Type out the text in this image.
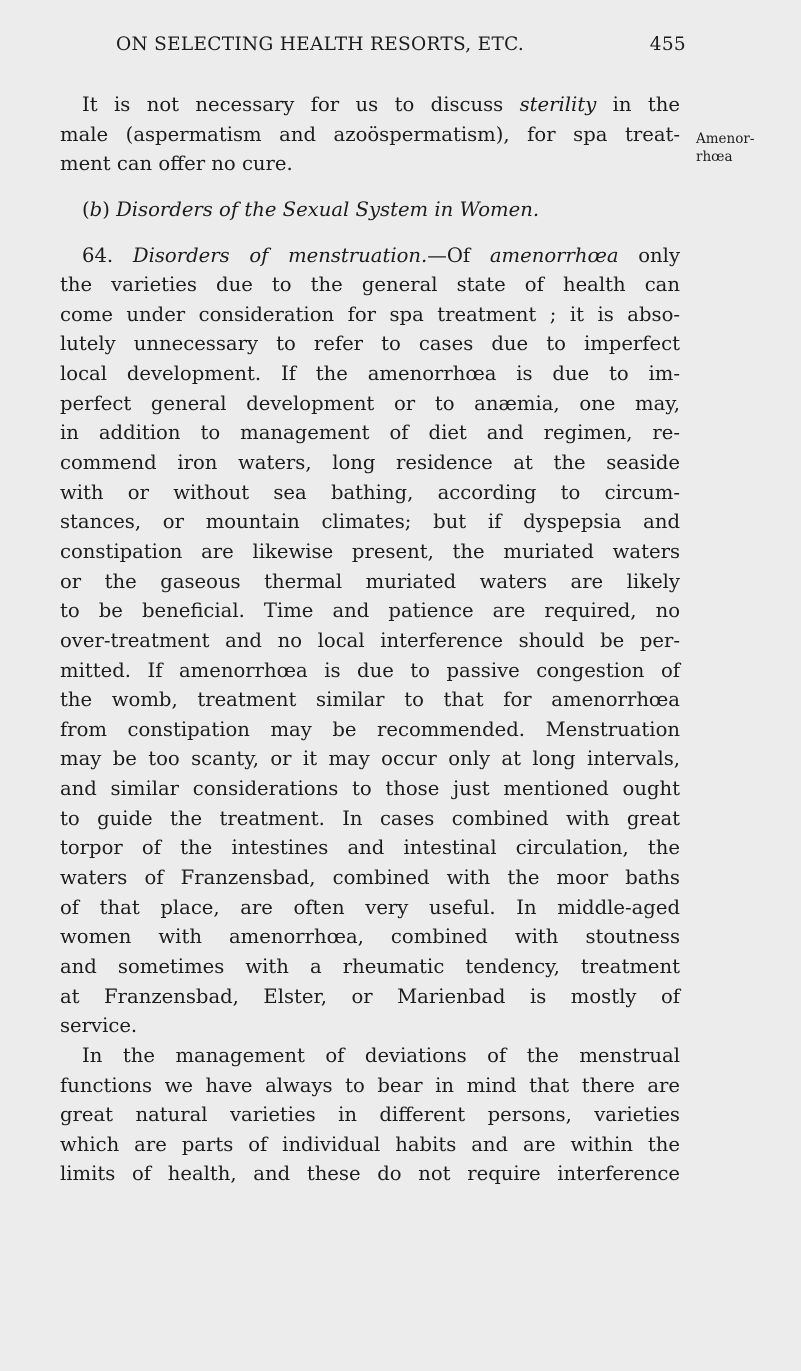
ON SELECTING HEALTH RESORTS, ETC.	455
Amenor-
rhœa
It is not necessary for us to discuss sterility in the
male (aspermatism and azoöspermatism), for spa treat-
ment can offer no cure.
(b) Disorders of the Sexual System in Women.
64. Disorders of menstruation.—Of amenorrhœa only
the varieties due to the general state of health can
come under consideration for spa treatment ; it is abso-
lutely unnecessary to refer to cases due to imperfect
local development. If the amenorrhœa is due to im-
perfect general development or to anæmia, one may,
in addition to management of diet and regimen, re-
commend iron waters, long residence at the seaside
with or without sea bathing, according to circum-
stances, or mountain climates; but if dyspepsia and
constipation are likewise present, the muriated waters
or the gaseous thermal muriated waters are likely
to be beneficial. Time and patience are required, no
over-treatment and no local interference should be per-
mitted. If amenorrhœa is due to passive congestion of
the womb, treatment similar to that for amenorrhœa
from constipation may be recommended. Menstruation
may be too scanty, or it may occur only at long intervals,
and similar considerations to those just mentioned ought
to guide the treatment. In cases combined with great
torpor of the intestines and intestinal circulation, the
waters of Franzensbad, combined with the moor baths
of that place, are often very useful. In middle-aged
women with amenorrhœa, combined with stoutness
and sometimes with a rheumatic tendency, treatment
at Franzensbad, Elster, or Marienbad is mostly of
service.
In the management of deviations of the menstrual
functions we have always to bear in mind that there are
great natural varieties in different persons, varieties
which are parts of individual habits and are within the
limits of health, and these do not require interference
